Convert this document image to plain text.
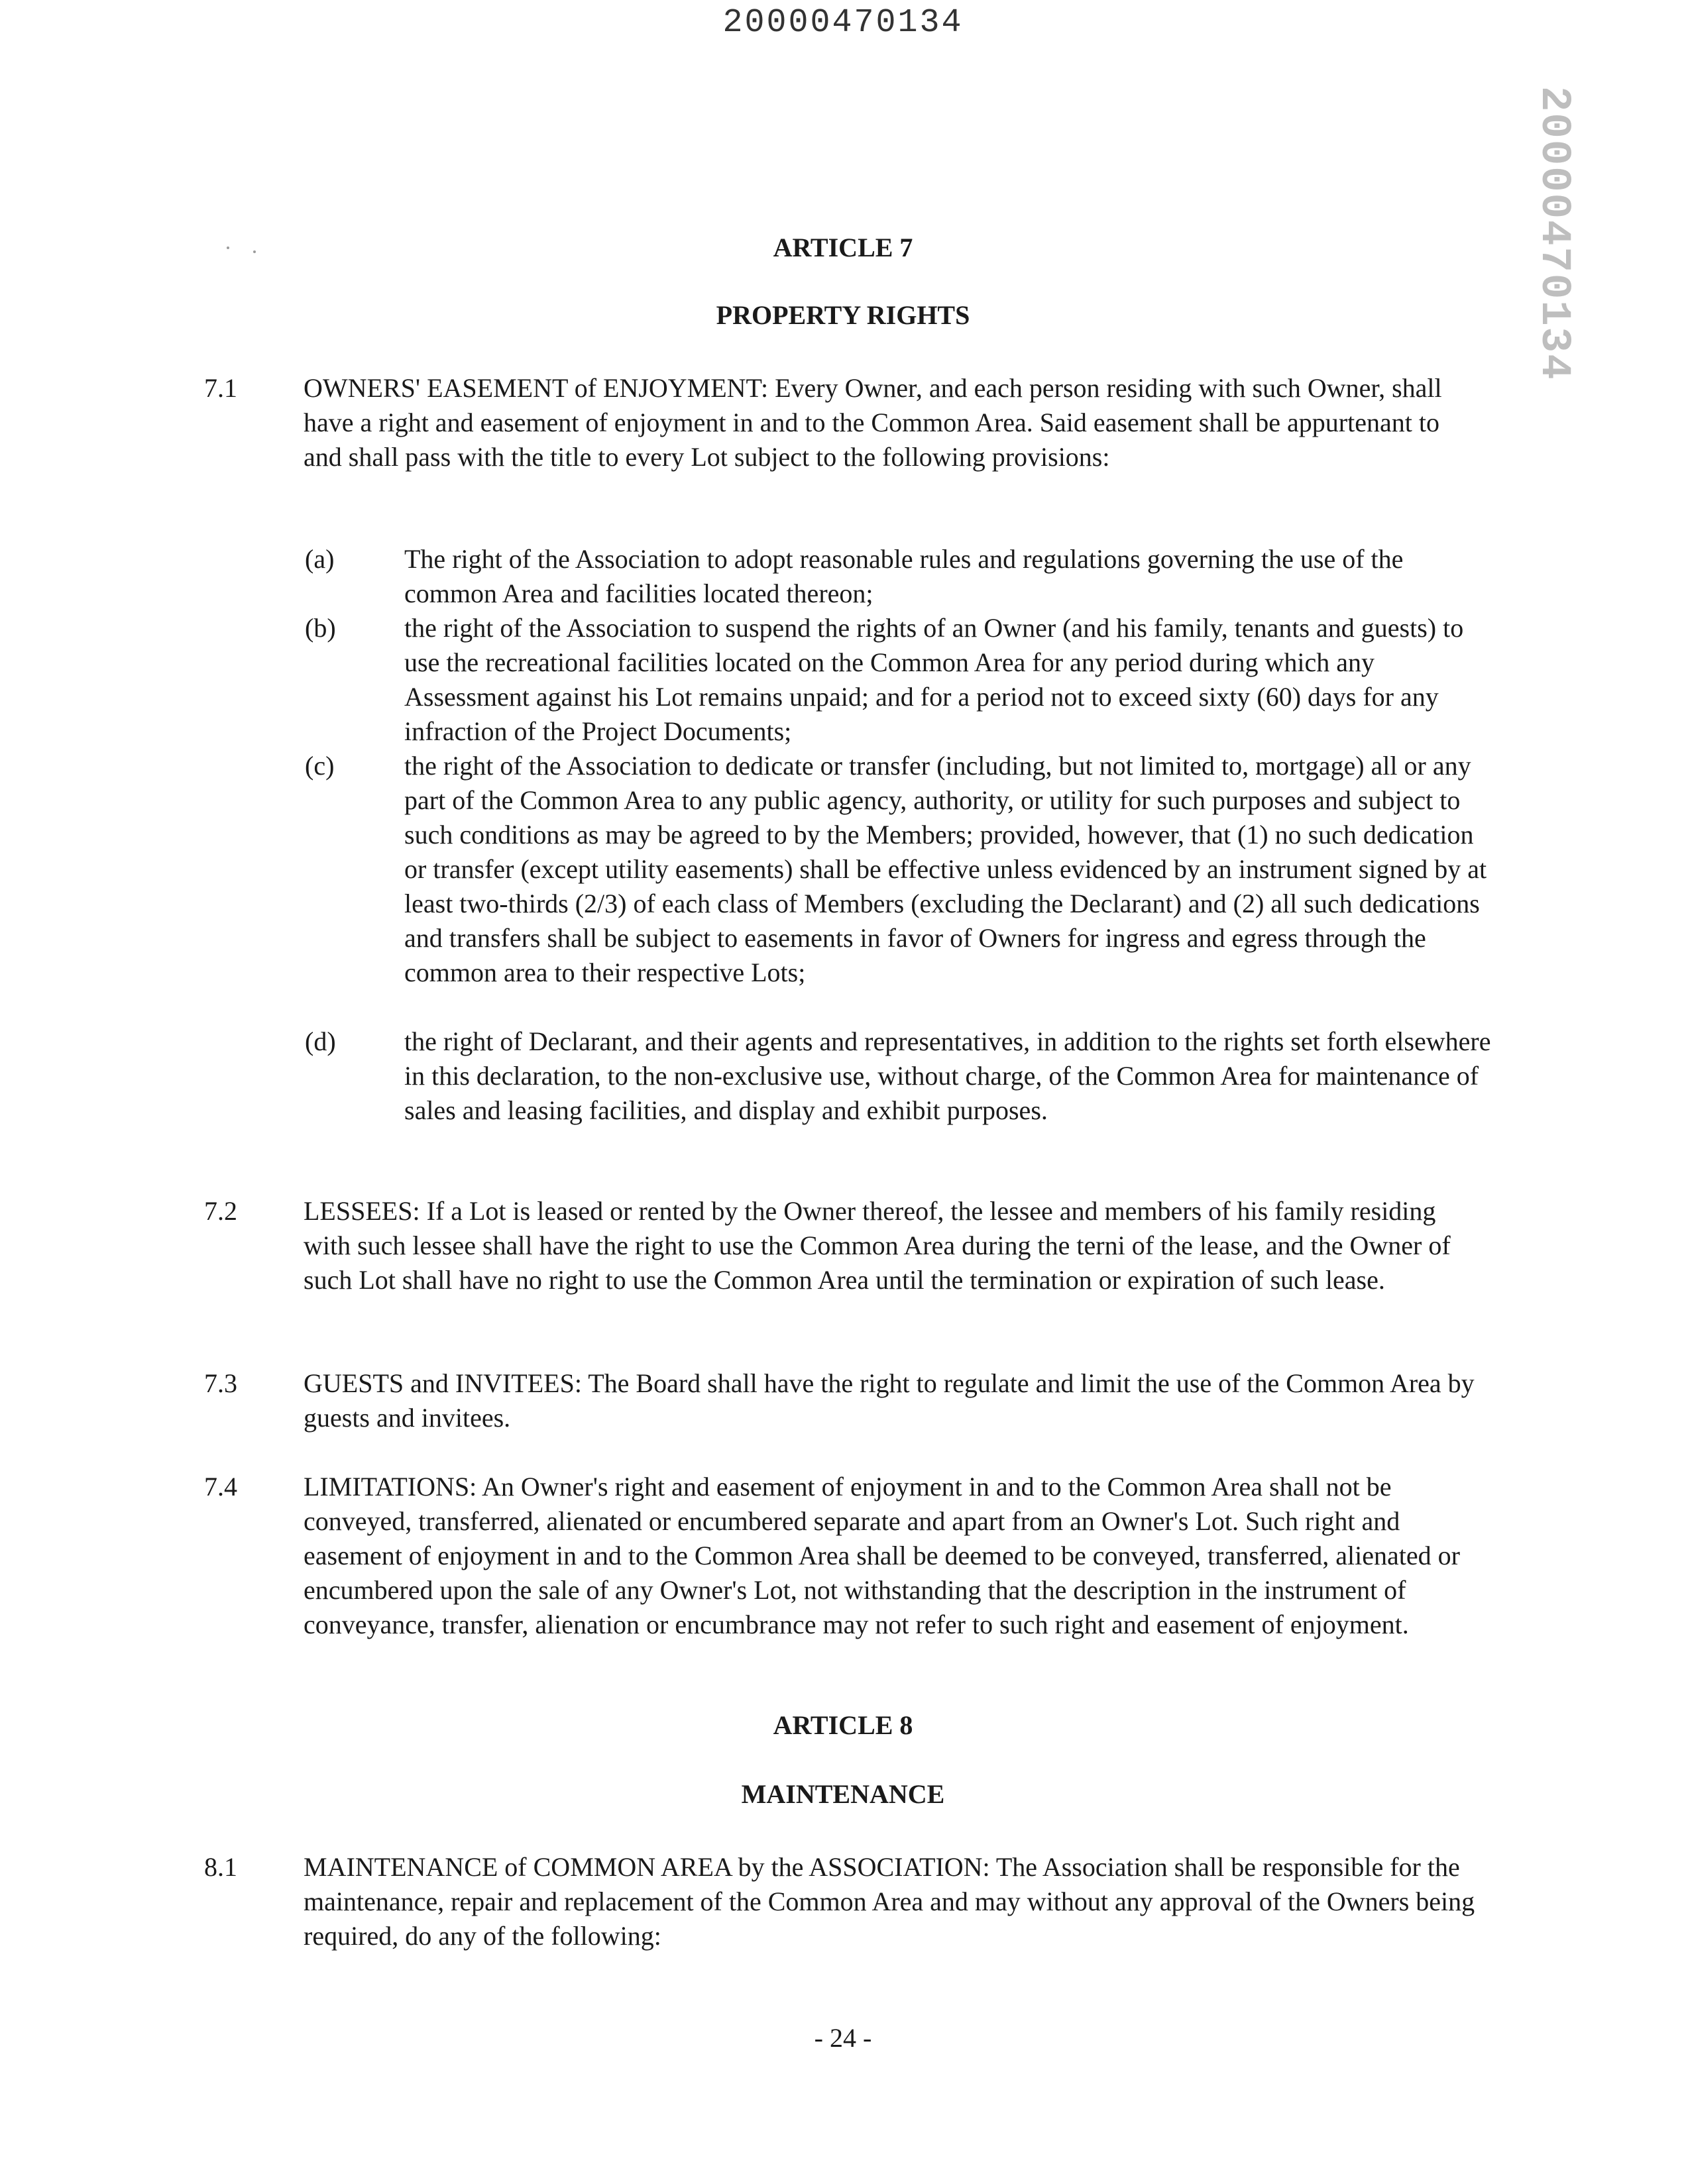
20000470134
20000470134
ARTICLE 7
PROPERTY RIGHTS
7.1	OWNERS' EASEMENT of ENJOYMENT: Every Owner, and each person residing with such Owner, shall have a right and easement of enjoyment in and to the Common Area. Said easement shall be appurtenant to and shall pass with the title to every Lot subject to the following provisions:
(a)	The right of the Association to adopt reasonable rules and regulations governing the use of the common Area and facilities located thereon;
(b)	the right of the Association to suspend the rights of an Owner (and his family, tenants and guests) to use the recreational facilities located on the Common Area for any period during which any Assessment against his Lot remains unpaid; and for a period not to exceed sixty (60) days for any infraction of the Project Documents;
(c)	the right of the Association to dedicate or transfer (including, but not limited to, mortgage) all or any part of the Common Area to any public agency, authority, or utility for such purposes and subject to such conditions as may be agreed to by the Members; provided, however, that (1) no such dedication or transfer (except utility easements) shall be effective unless evidenced by an instrument signed by at least two-thirds (2/3) of each class of Members (excluding the Declarant) and (2) all such dedications and transfers shall be subject to easements in favor of Owners for ingress and egress through the common area to their respective Lots;
(d)	the right of Declarant, and their agents and representatives, in addition to the rights set forth elsewhere in this declaration, to the non-exclusive use, without charge, of the Common Area for maintenance of sales and leasing facilities, and display and exhibit purposes.
7.2	LESSEES: If a Lot is leased or rented by the Owner thereof, the lessee and members of his family residing with such lessee shall have the right to use the Common Area during the terni of the lease, and the Owner of such Lot shall have no right to use the Common Area until the termination or expiration of such lease.
7.3	GUESTS and INVITEES: The Board shall have the right to regulate and limit the use of the Common Area by guests and invitees.
7.4	LIMITATIONS: An Owner's right and easement of enjoyment in and to the Common Area shall not be conveyed, transferred, alienated or encumbered separate and apart from an Owner's Lot. Such right and easement of enjoyment in and to the Common Area shall be deemed to be conveyed, transferred, alienated or encumbered upon the sale of any Owner's Lot, not withstanding that the description in the instrument of conveyance, transfer, alienation or encumbrance may not refer to such right and easement of enjoyment.
ARTICLE 8
MAINTENANCE
8.1	MAINTENANCE of COMMON AREA by the ASSOCIATION: The Association shall be responsible for the maintenance, repair and replacement of the Common Area and may without any approval of the Owners being required, do any of the following:
- 24 -
